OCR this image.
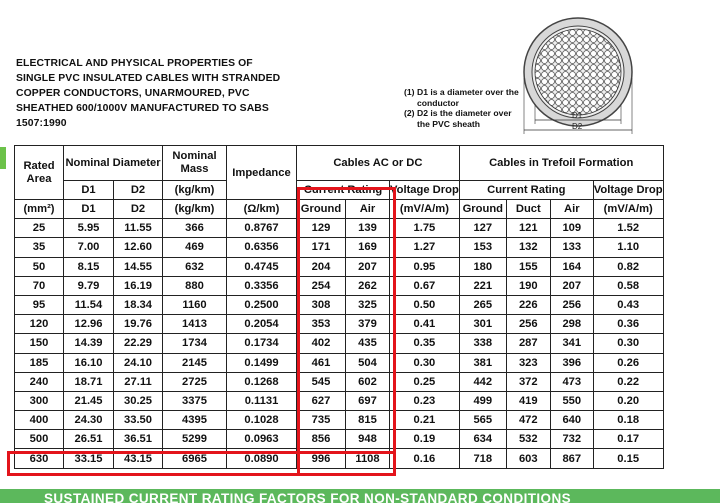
ELECTRICAL AND PHYSICAL PROPERTIES OF
SINGLE PVC INSULATED CABLES WITH STRANDED
COPPER CONDUCTORS, UNARMOURED, PVC
SHEATHED 600/1000V MANUFACTURED TO SABS
1507:1990
(1) D1 is a diameter over the
conductor
(2) D2 is the diameter over
the PVC sheath
D1
D2
Rated Area	Nominal Diameter		Nominal Mass	Impedance	Cables AC or DC			Cables in Trefoil Formation			
	D1	D2	(kg/km)		Current Rating		Voltage Drop	Current Rating			Voltage Drop
(mm²)	D1	D2	(kg/km)	(Ω/km)	Ground	Air	(mV/A/m)	Ground	Duct	Air	(mV/A/m)
25	5.95	11.55	366	0.8767	129	139	1.75	127	121	109	1.52
35	7.00	12.60	469	0.6356	171	169	1.27	153	132	133	1.10
50	8.15	14.55	632	0.4745	204	207	0.95	180	155	164	0.82
70	9.79	16.19	880	0.3356	254	262	0.67	221	190	207	0.58
95	11.54	18.34	1160	0.2500	308	325	0.50	265	226	256	0.43
120	12.96	19.76	1413	0.2054	353	379	0.41	301	256	298	0.36
150	14.39	22.29	1734	0.1734	402	435	0.35	338	287	341	0.30
185	16.10	24.10	2145	0.1499	461	504	0.30	381	323	396	0.26
240	18.71	27.11	2725	0.1268	545	602	0.25	442	372	473	0.22
300	21.45	30.25	3375	0.1131	627	697	0.23	499	419	550	0.20
400	24.30	33.50	4395	0.1028	735	815	0.21	565	472	640	0.18
500	26.51	36.51	5299	0.0963	856	948	0.19	634	532	732	0.17
630	33.15	43.15	6965	0.0890	996	1108	0.16	718	603	867	0.15
SUSTAINED CURRENT RATING FACTORS FOR NON-STANDARD CONDITIONS
